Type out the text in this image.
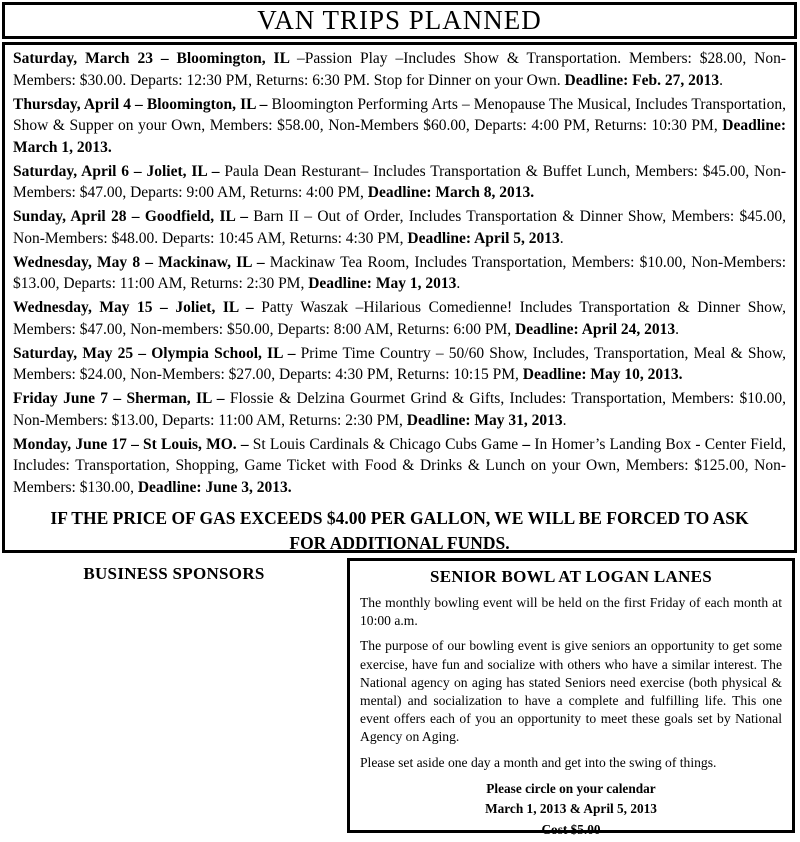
VAN TRIPS PLANNED

Saturday, March 23 – Bloomington, IL –Passion Play –Includes Show & Transportation. Members: $28.00, Non-Members: $30.00. Departs: 12:30 PM, Returns: 6:30 PM. Stop for Dinner on your Own. Deadline: Feb. 27, 2013.

Thursday, April 4 – Bloomington, IL – Bloomington Performing Arts – Menopause The Musical, Includes Transportation, Show & Supper on your Own, Members: $58.00, Non-Members $60.00, Departs: 4:00 PM, Returns: 10:30 PM, Deadline: March 1, 2013.

Saturday, April 6 – Joliet, IL – Paula Dean Resturant– Includes Transportation & Buffet Lunch, Members: $45.00, Non-Members: $47.00, Departs: 9:00 AM, Returns: 4:00 PM, Deadline: March 8, 2013.

Sunday, April 28 – Goodfield, IL – Barn II – Out of Order, Includes Transportation & Dinner Show, Members: $45.00, Non-Members: $48.00. Departs: 10:45 AM, Returns: 4:30 PM, Deadline: April 5, 2013.

Wednesday, May 8 – Mackinaw, IL – Mackinaw Tea Room, Includes Transportation, Members: $10.00, Non-Members: $13.00, Departs: 11:00 AM, Returns: 2:30 PM, Deadline: May 1, 2013.

Wednesday, May 15 – Joliet, IL – Patty Waszak –Hilarious Comedienne! Includes Transportation & Dinner Show, Members: $47.00, Non-members: $50.00, Departs: 8:00 AM, Returns: 6:00 PM, Deadline: April 24, 2013.

Saturday, May 25 – Olympia School, IL – Prime Time Country – 50/60 Show, Includes, Transportation, Meal & Show, Members: $24.00, Non-Members: $27.00, Departs: 4:30 PM, Returns: 10:15 PM, Deadline: May 10, 2013.

Friday June 7 – Sherman, IL – Flossie & Delzina Gourmet Grind & Gifts, Includes: Transportation, Members: $10.00, Non-Members: $13.00, Departs: 11:00 AM, Returns: 2:30 PM, Deadline: May 31, 2013.

Monday, June 17 – St Louis, MO. – St Louis Cardinals & Chicago Cubs Game – In Homer’s Landing Box - Center Field, Includes: Transportation, Shopping, Game Ticket with Food & Drinks & Lunch on your Own, Members: $125.00, Non-Members: $130.00, Deadline: June 3, 2013.

IF THE PRICE OF GAS EXCEEDS $4.00 PER GALLON, WE WILL BE FORCED TO ASK FOR ADDITIONAL FUNDS.

BUSINESS SPONSORS	SENIOR BOWL AT LOGAN LANES

The monthly bowling event will be held on the first Friday of each month at 10:00 a.m.

The purpose of our bowling event is give seniors an opportunity to get some exercise, have fun and socialize with others who have a similar interest. The National agency on aging has stated Seniors need exercise (both physical & mental) and socialization to have a complete and fulfilling life. This one event offers each of you an opportunity to meet these goals set by National Agency on Aging.

Please set aside one day a month and get into the swing of things.

Please circle on your calendar

March 1, 2013 & April 5, 2013

Cost $5.00
